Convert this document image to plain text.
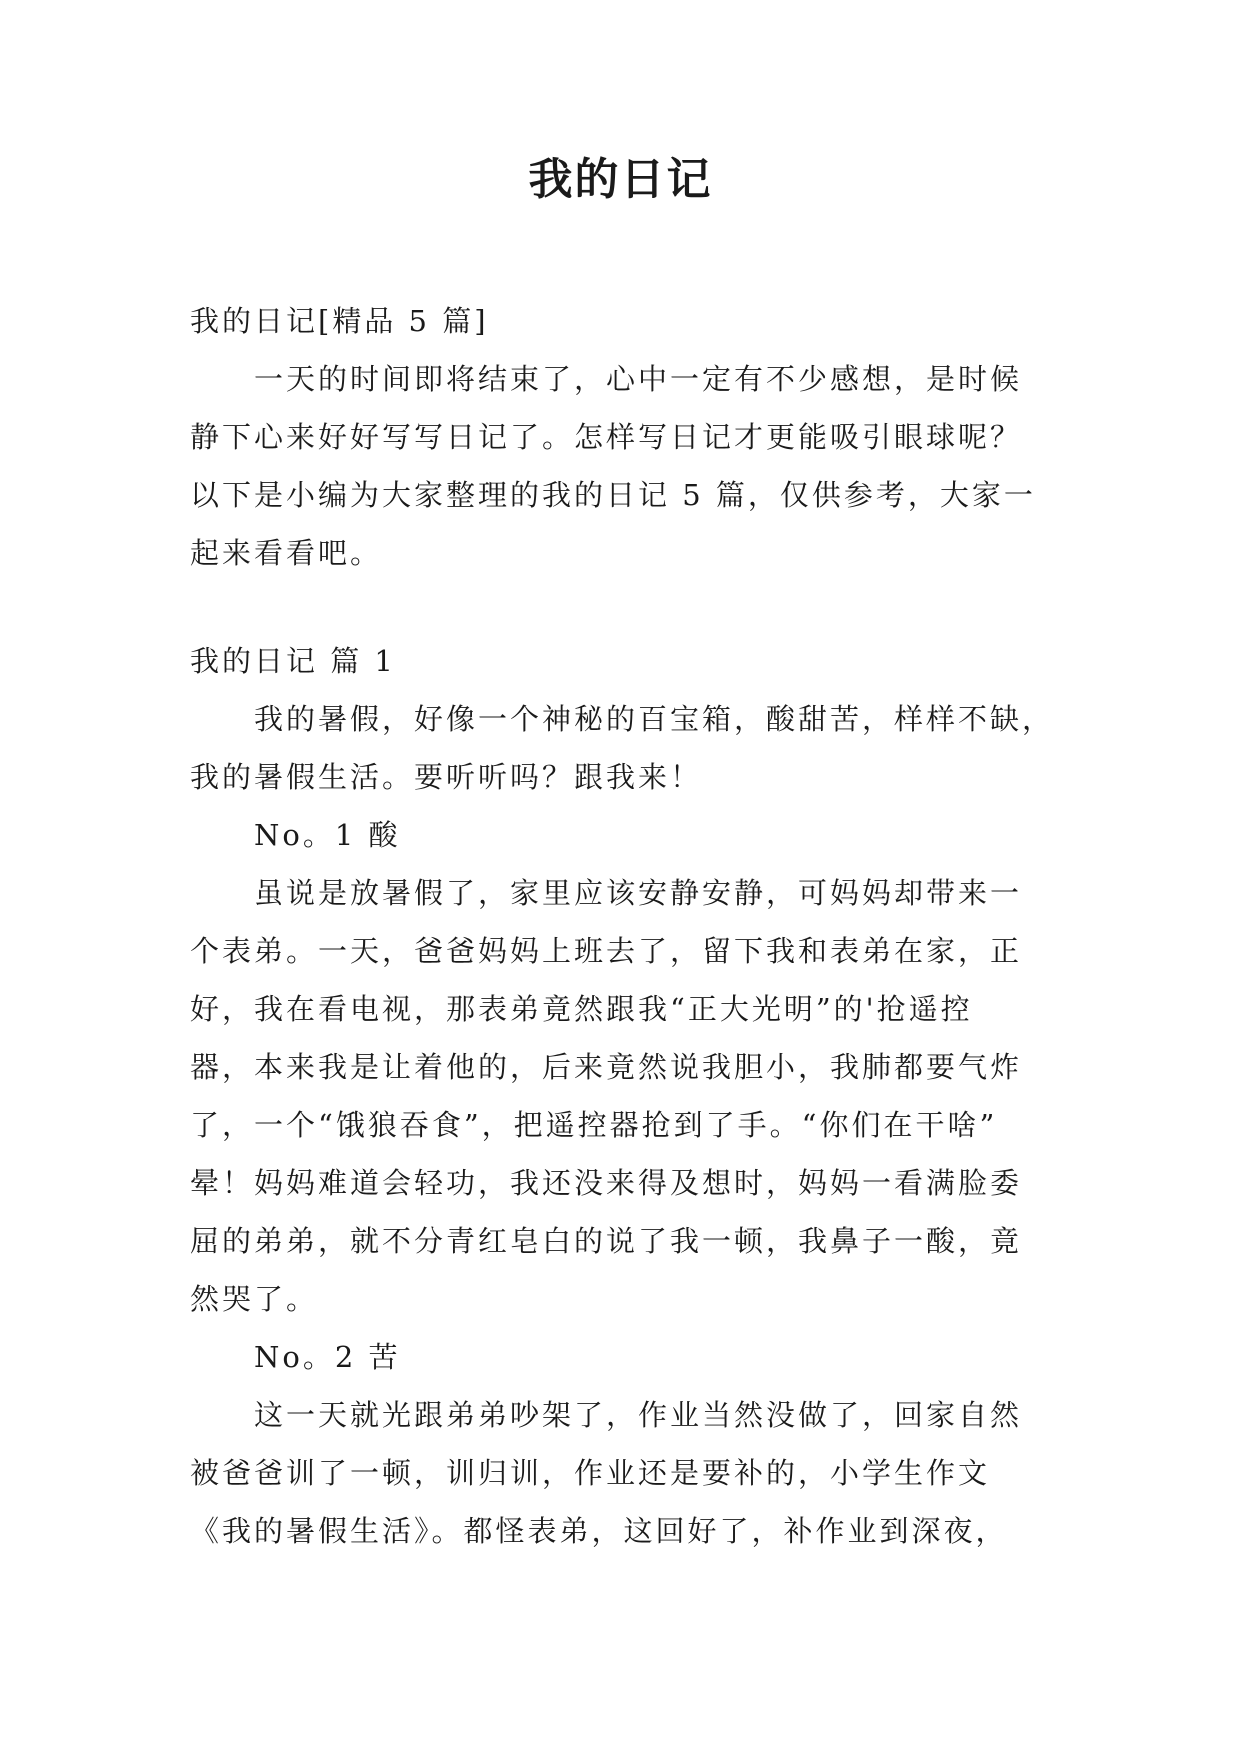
我的日记
我的日记[精品 5 篇]
一天的时间即将结束了，心中一定有不少感想，是时候
静下心来好好写写日记了。怎样写日记才更能吸引眼球呢？
以下是小编为大家整理的我的日记 5 篇，仅供参考，大家一
起来看看吧。
我的日记 篇 1
我的暑假，好像一个神秘的百宝箱，酸甜苦，样样不缺，
我的暑假生活。要听听吗？跟我来！
No。1 酸
虽说是放暑假了，家里应该安静安静，可妈妈却带来一
个表弟。一天，爸爸妈妈上班去了，留下我和表弟在家，正
好，我在看电视，那表弟竟然跟我“正大光明”的'抢遥控
器，本来我是让着他的，后来竟然说我胆小，我肺都要气炸
了，一个“饿狼吞食”，把遥控器抢到了手。“你们在干啥”
晕！妈妈难道会轻功，我还没来得及想时，妈妈一看满脸委
屈的弟弟，就不分青红皂白的说了我一顿，我鼻子一酸，竟
然哭了。
No。2 苦
这一天就光跟弟弟吵架了，作业当然没做了，回家自然
被爸爸训了一顿，训归训，作业还是要补的，小学生作文
《我的暑假生活》。都怪表弟，这回好了，补作业到深夜，
